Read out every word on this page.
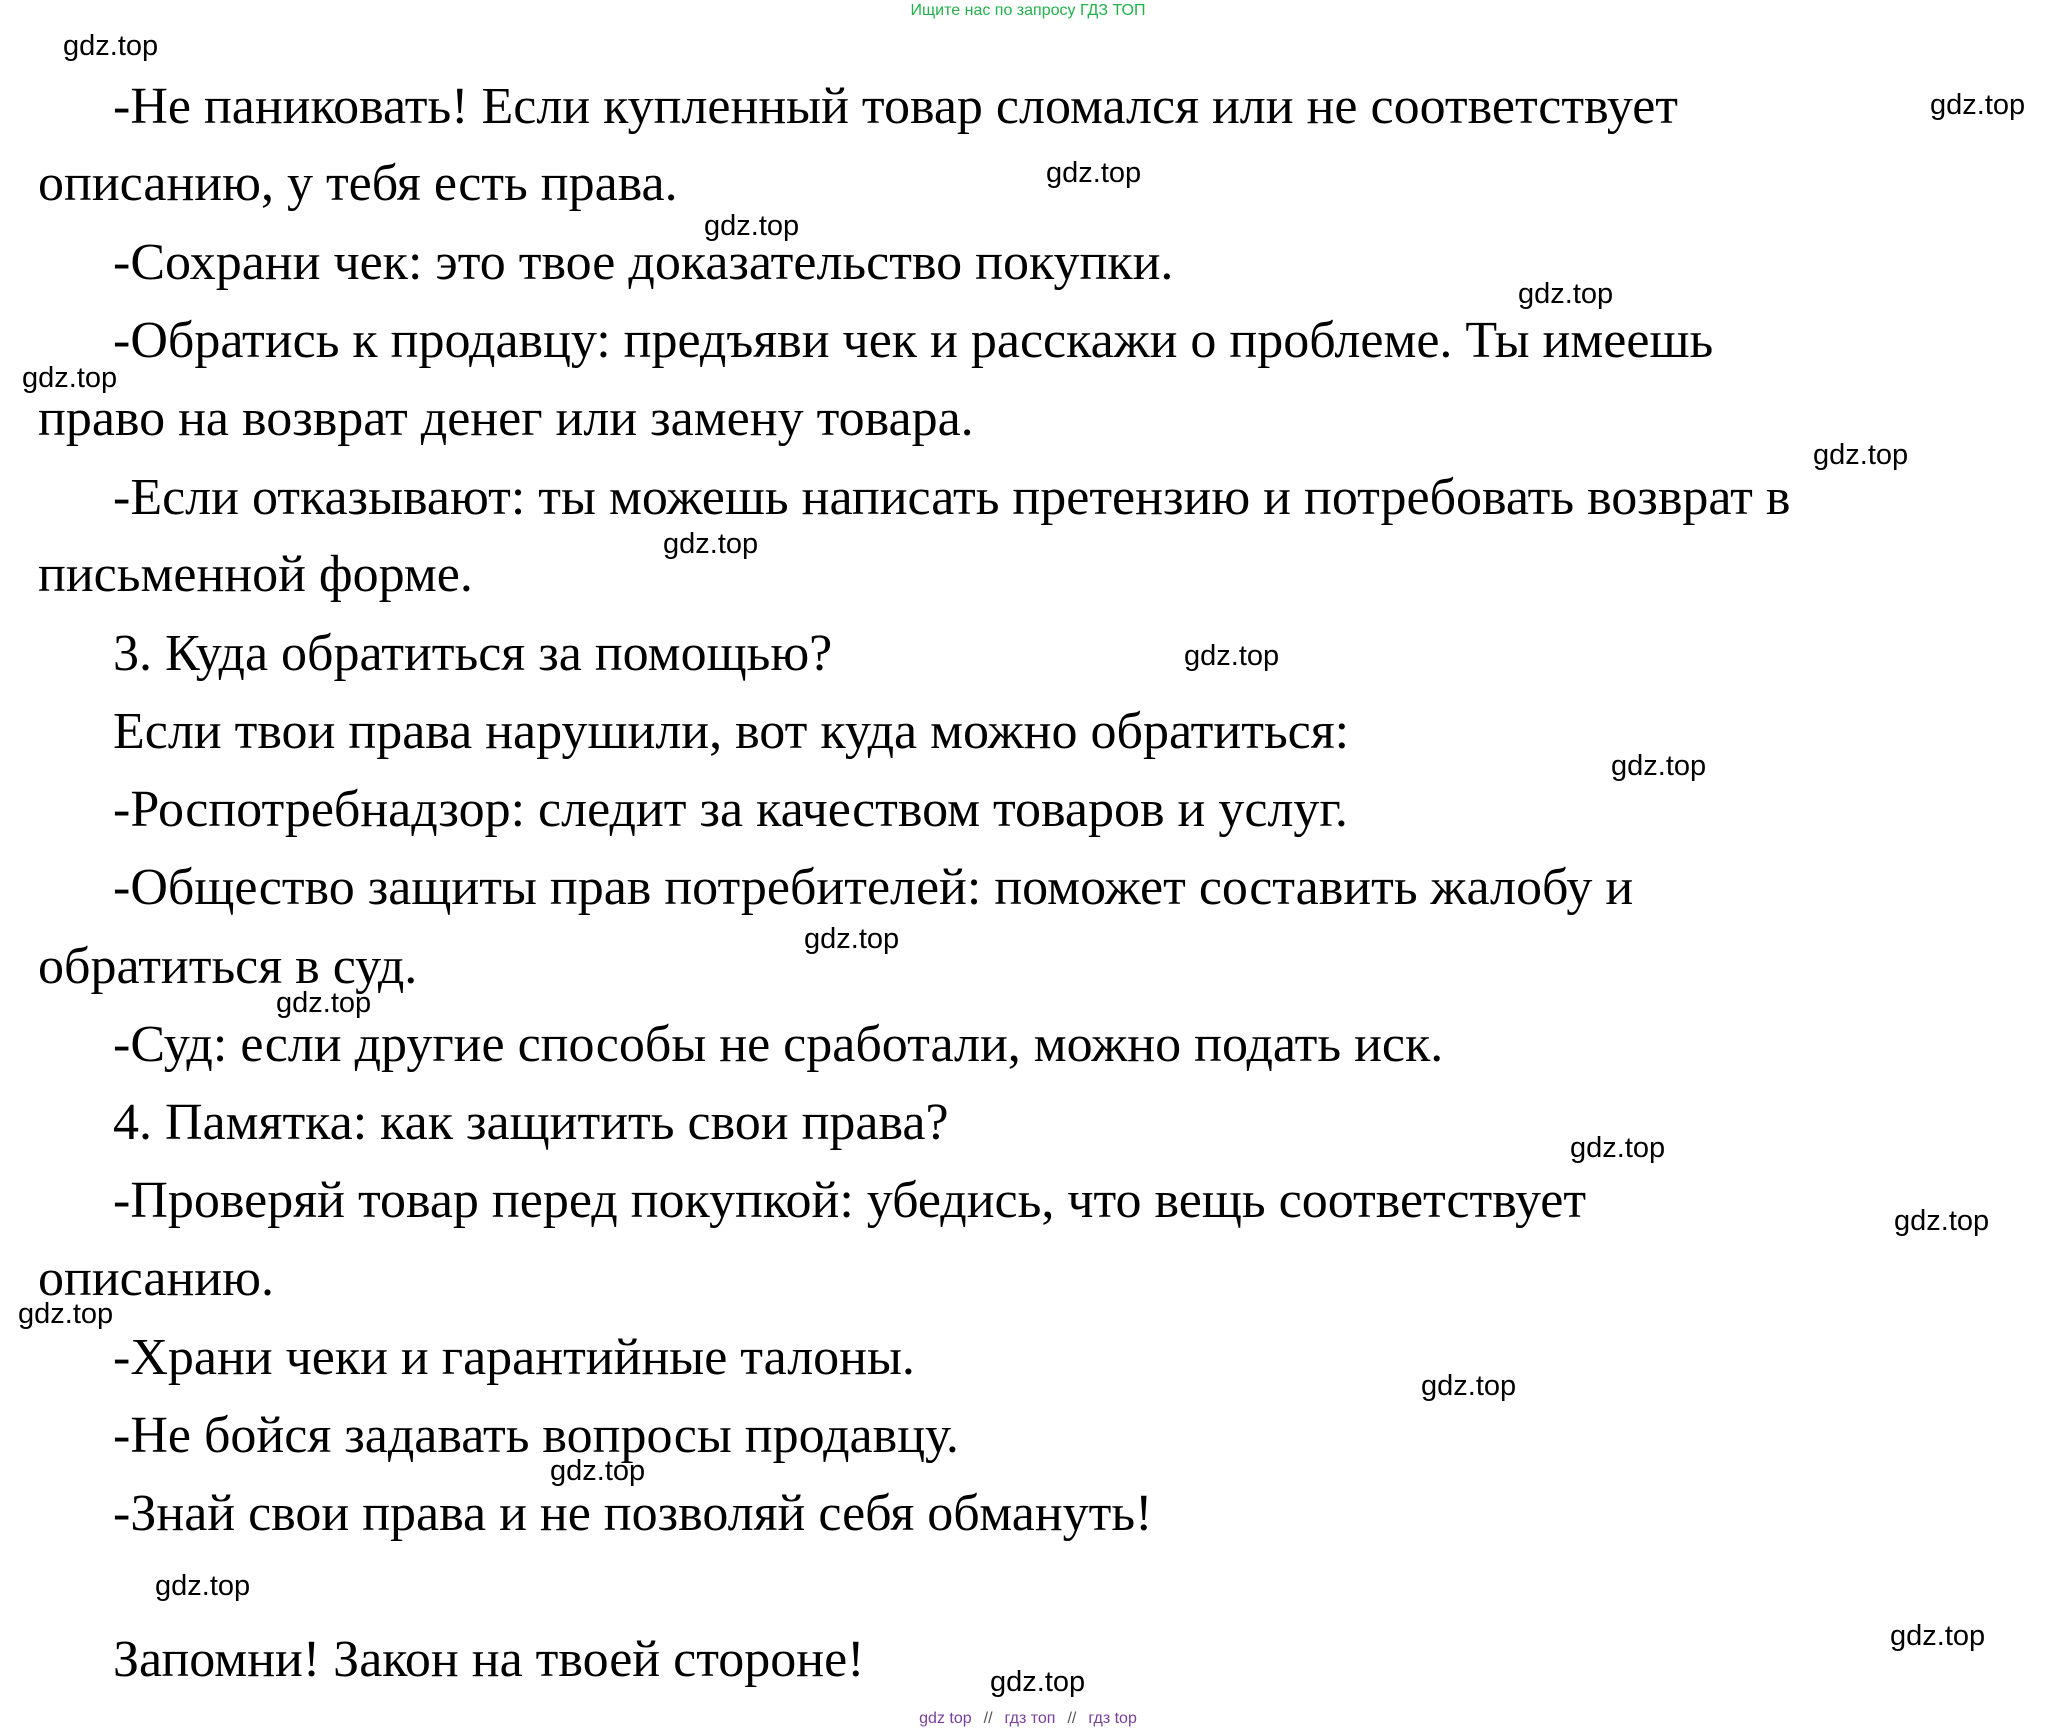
Ищите нас по запросу ГДЗ ТОП
-Не паниковать! Если купленный товар сломался или не соответствует
описанию, у тебя есть права.
-Сохрани чек: это твое доказательство покупки.
-Обратись к продавцу: предъяви чек и расскажи о проблеме. Ты имеешь
право на возврат денег или замену товара.
-Если отказывают: ты можешь написать претензию и потребовать возврат в
письменной форме.
3. Куда обратиться за помощью?
Если твои права нарушили, вот куда можно обратиться:
-Роспотребнадзор: следит за качеством товаров и услуг.
-Общество защиты прав потребителей: поможет составить жалобу и
обратиться в суд.
-Суд: если другие способы не сработали, можно подать иск.
4. Памятка: как защитить свои права?
-Проверяй товар перед покупкой: убедись, что вещь соответствует
описанию.
-Храни чеки и гарантийные талоны.
-Не бойся задавать вопросы продавцу.
-Знай свои права и не позволяй себя обмануть!
Запомни! Закон на твоей стороне!
gdz.top
gdz.top
gdz.top
gdz.top
gdz.top
gdz.top
gdz.top
gdz.top
gdz.top
gdz.top
gdz.top
gdz.top
gdz.top
gdz.top
gdz.top
gdz.top
gdz.top
gdz.top
gdz.top
gdz.top
gdz top // гдз топ // гдз top
